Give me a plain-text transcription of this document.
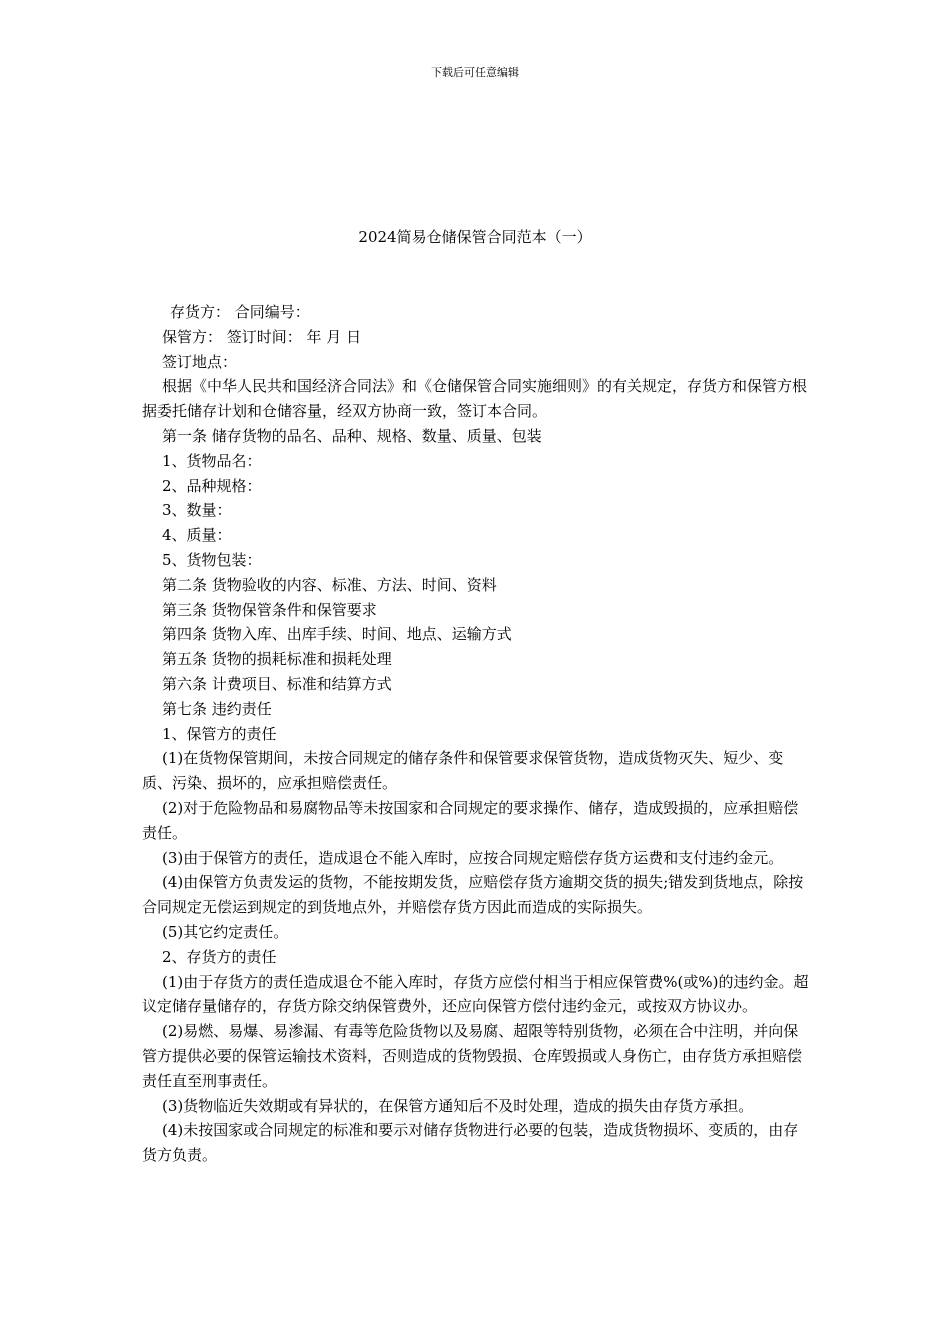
下载后可任意编辑
2024简易仓储保管合同范本（一）

存货方： 合同编号：

保管方： 签订时间： 年 月 日

签订地点：

根据《中华人民共和国经济合同法》和《仓储保管合同实施细则》的有关规定，存货方和保管方根据委托储存计划和仓储容量，经双方协商一致，签订本合同。

第一条 储存货物的品名、品种、规格、数量、质量、包装

1、货物品名：

2、品种规格：

3、数量：

4、质量：

5、货物包装：

第二条 货物验收的内容、标准、方法、时间、资料

第三条 货物保管条件和保管要求

第四条 货物入库、出库手续、时间、地点、运输方式

第五条 货物的损耗标准和损耗处理

第六条 计费项目、标准和结算方式

第七条 违约责任

1、保管方的责任

(1)在货物保管期间，未按合同规定的储存条件和保管要求保管货物，造成货物灭失、短少、变质、污染、损坏的，应承担赔偿责任。

(2)对于危险物品和易腐物品等未按国家和合同规定的要求操作、储存，造成毁损的，应承担赔偿责任。

(3)由于保管方的责任，造成退仓不能入库时，应按合同规定赔偿存货方运费和支付违约金元。

(4)由保管方负责发运的货物，不能按期发货，应赔偿存货方逾期交货的损失;错发到货地点，除按合同规定无偿运到规定的到货地点外，并赔偿存货方因此而造成的实际损失。

(5)其它约定责任。

2、存货方的责任

(1)由于存货方的责任造成退仓不能入库时，存货方应偿付相当于相应保管费%(或%)的违约金。超议定储存量储存的，存货方除交纳保管费外，还应向保管方偿付违约金元，或按双方协议办。

(2)易燃、易爆、易渗漏、有毒等危险货物以及易腐、超限等特别货物，必须在合中注明，并向保管方提供必要的保管运输技术资料，否则造成的货物毁损、仓库毁损或人身伤亡，由存货方承担赔偿责任直至刑事责任。

(3)货物临近失效期或有异状的，在保管方通知后不及时处理，造成的损失由存货方承担。

(4)未按国家或合同规定的标准和要示对储存货物进行必要的包装，造成货物损坏、变质的，由存货方负责。
